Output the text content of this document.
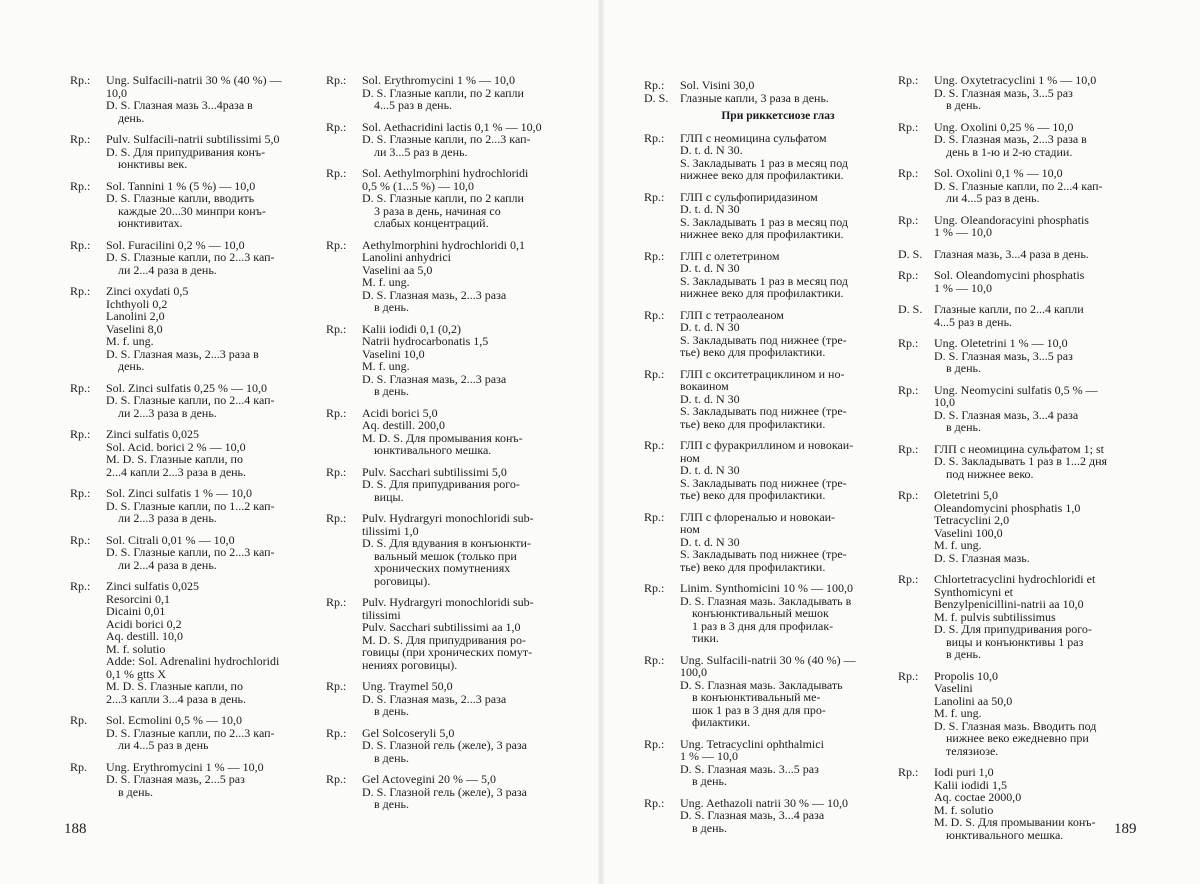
Rp.: Ung. Sulfacili-natrii 30 % (40 %) —
10,0
D. S. Глазная мазь 3...4раза в
день.
Rp.: Pulv. Sulfacili-natrii subtilissimi 5,0
D. S. Для припудривания конъ-
юнктивы век.
Rp.: Sol. Tannini 1 % (5 %) — 10,0
D. S. Глазные капли, вводить
каждые 20...30 минпри конъ-
юнктивитах.
Rp.: Sol. Furacilini 0,2 % — 10,0
D. S. Глазные капли, по 2...3 кап-
ли 2...4 раза в день.
Rp.: Zinci oxydati 0,5
Ichthyoli 0,2
Lanolini 2,0
Vaselini 8,0
M. f. ung.
D. S. Глазная мазь, 2...3 раза в
день.
Rp.: Sol. Zinci sulfatis 0,25 % — 10,0
D. S. Глазные капли, по 2...4 кап-
ли 2...3 раза в день.
Rp.: Zinci sulfatis 0,025
Sol. Acid. borici 2 % — 10,0
M. D. S. Глазные капли, по
2...4 капли 2...3 раза в день.
Rp.: Sol. Zinci sulfatis 1 % — 10,0
D. S. Глазные капли, по 1...2 кап-
ли 2...3 раза в день.
Rp.: Sol. Citrali 0,01 % — 10,0
D. S. Глазные капли, по 2...3 кап-
ли 2...4 раза в день.
Rp.: Zinci sulfatis 0,025
Resorcini 0,1
Dicaini 0,01
Acidi borici 0,2
Aq. destill. 10,0
M. f. solutio
Adde: Sol. Adrenalini hydrochloridi
0,1 % gtts X
M. D. S. Глазные капли, по
2...3 капли 3...4 раза в день.
Rp. Sol. Ecmolini 0,5 % — 10,0
D. S. Глазные капли, по 2...3 кап-
ли 4...5 раз в день
Rp. Ung. Erythromycini 1 % — 10,0
D. S. Глазная мазь, 2...5 раз
в день.
Rp.: Sol. Erythromycini 1 % — 10,0
D. S. Глазные капли, по 2 капли
4...5 раз в день.
Rp.: Sol. Aethacridini lactis 0,1 % — 10,0
D. S. Глазные капли, по 2...3 кап-
ли 3...5 раз в день.
Rp.: Sol. Aethylmorphini hydrochloridi
0,5 % (1...5 %) — 10,0
D. S. Глазные капли, по 2 капли
3 раза в день, начиная со
слабых концентраций.
Rp.: Aethylmorphini hydrochloridi 0,1
Lanolini anhydrici
Vaselini aa 5,0
M. f. ung.
D. S. Глазная мазь, 2...3 раза
в день.
Rp.: Kalii iodidi 0,1 (0,2)
Natrii hydrocarbonatis 1,5
Vaselini 10,0
M. f. ung.
D. S. Глазная мазь, 2...3 раза
в день.
Rp.: Acidi borici 5,0
Aq. destill. 200,0
M. D. S. Для промывания конъ-
юнктивального мешка.
Rp.: Pulv. Sacchari subtilissimi 5,0
D. S. Для припудривания рого-
вицы.
Rp.: Pulv. Hydrargyri monochloridi sub-
tilissimi 1,0
D. S. Для вдувания в конъюнкти-
вальный мешок (только при
хронических помутнениях
роговицы).
Rp.: Pulv. Hydrargyri monochloridi sub-
tilissimi
Pulv. Sacchari subtilissimi aa 1,0
M. D. S. Для припудривания ро-
говицы (при хронических помут-
нениях роговицы).
Rp.: Ung. Traymel 50,0
D. S. Глазная мазь, 2...3 раза
в день.
Rp.: Gel Solcoseryli 5,0
D. S. Глазной гель (желе), 3 раза
в день.
Rp.: Gel Actovegini 20 % — 5,0
D. S. Глазной гель (желе), 3 раза
в день.
Rp.: Sol. Visini 30,0
D. S. Глазные капли, 3 раза в день.
При риккетсиозе глаз
Rp.: ГЛП с неомицина сульфатом
D. t. d. N 30.
S. Закладывать 1 раз в месяц под
нижнее веко для профилактики.
Rp.: ГЛП с сульфопиридазином
D. t. d. N 30
S. Закладывать 1 раз в месяц под
нижнее веко для профилактики.
Rp.: ГЛП с олететрином
D. t. d. N 30
S. Закладывать 1 раз в месяц под
нижнее веко для профилактики.
Rp.: ГЛП с тетраолеаном
D. t. d. N 30
S. Закладывать под нижнее (тре-
тье) веко для профилактики.
Rp.: ГЛП с окситетрациклином и но-
вокаином
D. t. d. N 30
S. Закладывать под нижнее (тре-
тье) веко для профилактики.
Rp.: ГЛП с фуракриллином и новокаи-
ном
D. t. d. N 30
S. Закладывать под нижнее (тре-
тье) веко для профилактики.
Rp.: ГЛП с флореналью и новокаи-
ном
D. t. d. N 30
S. Закладывать под нижнее (тре-
тье) веко для профилактики.
Rp.: Linim. Synthomicini 10 % — 100,0
D. S. Глазная мазь. Закладывать в
конъюнктивальный мешок
1 раз в 3 дня для профилак-
тики.
Rp.: Ung. Sulfacili-natrii 30 % (40 %) —
100,0
D. S. Глазная мазь. Закладывать
в конъюнктивальный ме-
шок 1 раз в 3 дня для про-
филактики.
Rp.: Ung. Tetracyclini ophthalmici
1 % — 10,0
D. S. Глазная мазь. 3...5 раз
в день.
Rp.: Ung. Aethazoli natrii 30 % — 10,0
D. S. Глазная мазь, 3...4 раза
в день.
Rp.: Ung. Oxytetracyclini 1 % — 10,0
D. S. Глазная мазь, 3...5 раз
в день.
Rp.: Ung. Oxolini 0,25 % — 10,0
D. S. Глазная мазь, 2...3 раза в
день в 1-ю и 2-ю стадии.
Rp.: Sol. Oxolini 0,1 % — 10,0
D. S. Глазные капли, по 2...4 кап-
ли 4...5 раз в день.
Rp.: Ung. Oleandoracyini phosphatis
1 % — 10,0
D. S. Глазная мазь, 3...4 раза в день.
Rp.: Sol. Oleandomycini phosphatis
1 % — 10,0
D. S. Глазные капли, по 2...4 капли
4...5 раз в день.
Rp.: Ung. Oletetrini 1 % — 10,0
D. S. Глазная мазь, 3...5 раз
в день.
Rp.: Ung. Neomycini sulfatis 0,5 % —
10,0
D. S. Глазная мазь, 3...4 раза
в день.
Rp.: ГЛП с неомицина сульфатом 1; st
D. S. Закладывать 1 раз в 1...2 дня
под нижнее веко.
Rp.: Oletetrini 5,0
Oleandomycini phosphatis 1,0
Tetracyclini 2,0
Vaselini 100,0
M. f. ung.
D. S. Глазная мазь.
Rp.: Chlortetracyclini hydrochloridi et
Synthomicyni et
Benzylpenicillini-natrii aa 10,0
M. f. pulvis subtilissimus
D. S. Для припудривания рого-
вицы и конъюнктивы 1 раз
в день.
Rp.: Propolis 10,0
Vaselini
Lanolini aa 50,0
M. f. ung.
D. S. Глазная мазь. Вводить под
нижнее веко ежедневно при
телязиозе.
Rp.: Iodi puri 1,0
Kalii iodidi 1,5
Aq. coctae 2000,0
M. f. solutio
M. D. S. Для промывании конъ-
юнктивального мешка.
188	189
